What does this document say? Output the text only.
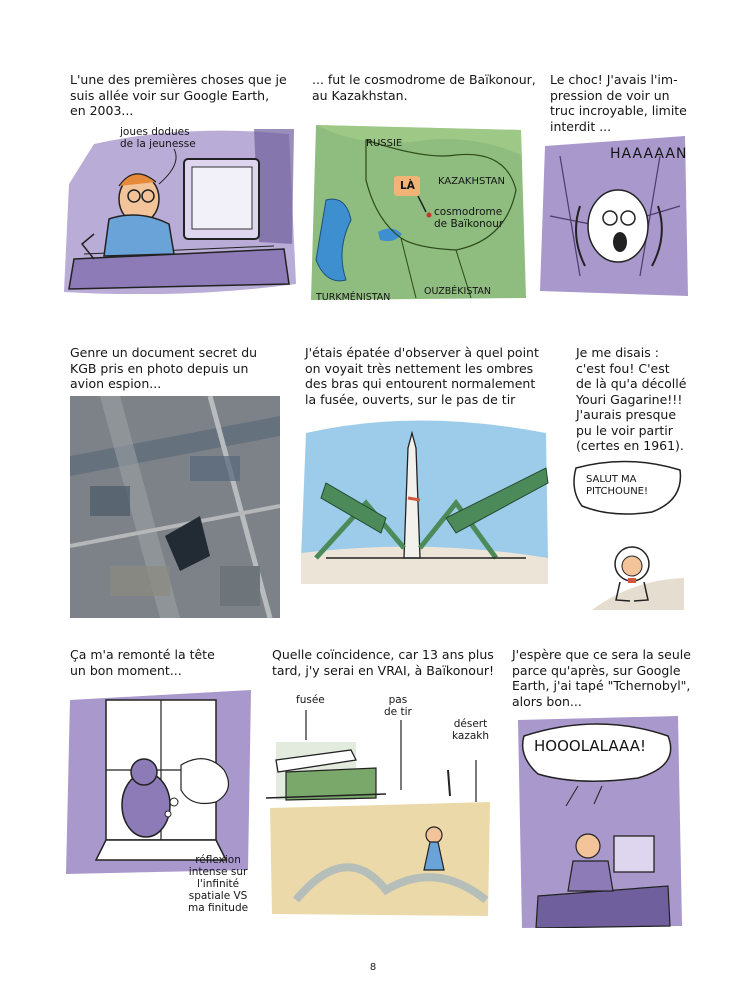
L'une des premières choses que je
suis allée voir sur Google Earth,
en 2003...
joues dodues
de la jeunesse
... fut le cosmodrome de Baïkonour,
au Kazakhstan.
RUSSIE
LÀ KAZAKHSTAN
cosmodrome
de Baïkonour
TURKMÉNISTAN
OUZBÉKISTAN
Le choc! J'avais l'im-
pression de voir un
truc incroyable, limite
interdit ...
HAAAAAN
Genre un document secret du
KGB pris en photo depuis un
avion espion...
J'étais épatée d'observer à quel point
on voyait très nettement les ombres
des bras qui entourent normalement
la fusée, ouverts, sur le pas de tir
Je me disais :
c'est fou! C'est
de là qu'a décollé
Youri Gagarine!!!
J'aurais presque
pu le voir partir
(certes en 1961).
SALUT MA
PITCHOUNE!
Ça m'a remonté la tête
un bon moment...
réflexion
intense sur
l'infinité
spatiale VS
ma finitude
Quelle coïncidence, car 13 ans plus
tard, j'y serai en VRAI, à Baïkonour!
fusée	pas
de tir
désert
kazakh
J'espère que ce sera la seule
parce qu'après, sur Google
Earth, j'ai tapé "Tchernobyl",
alors bon...
HOOOLALAAA!
8
